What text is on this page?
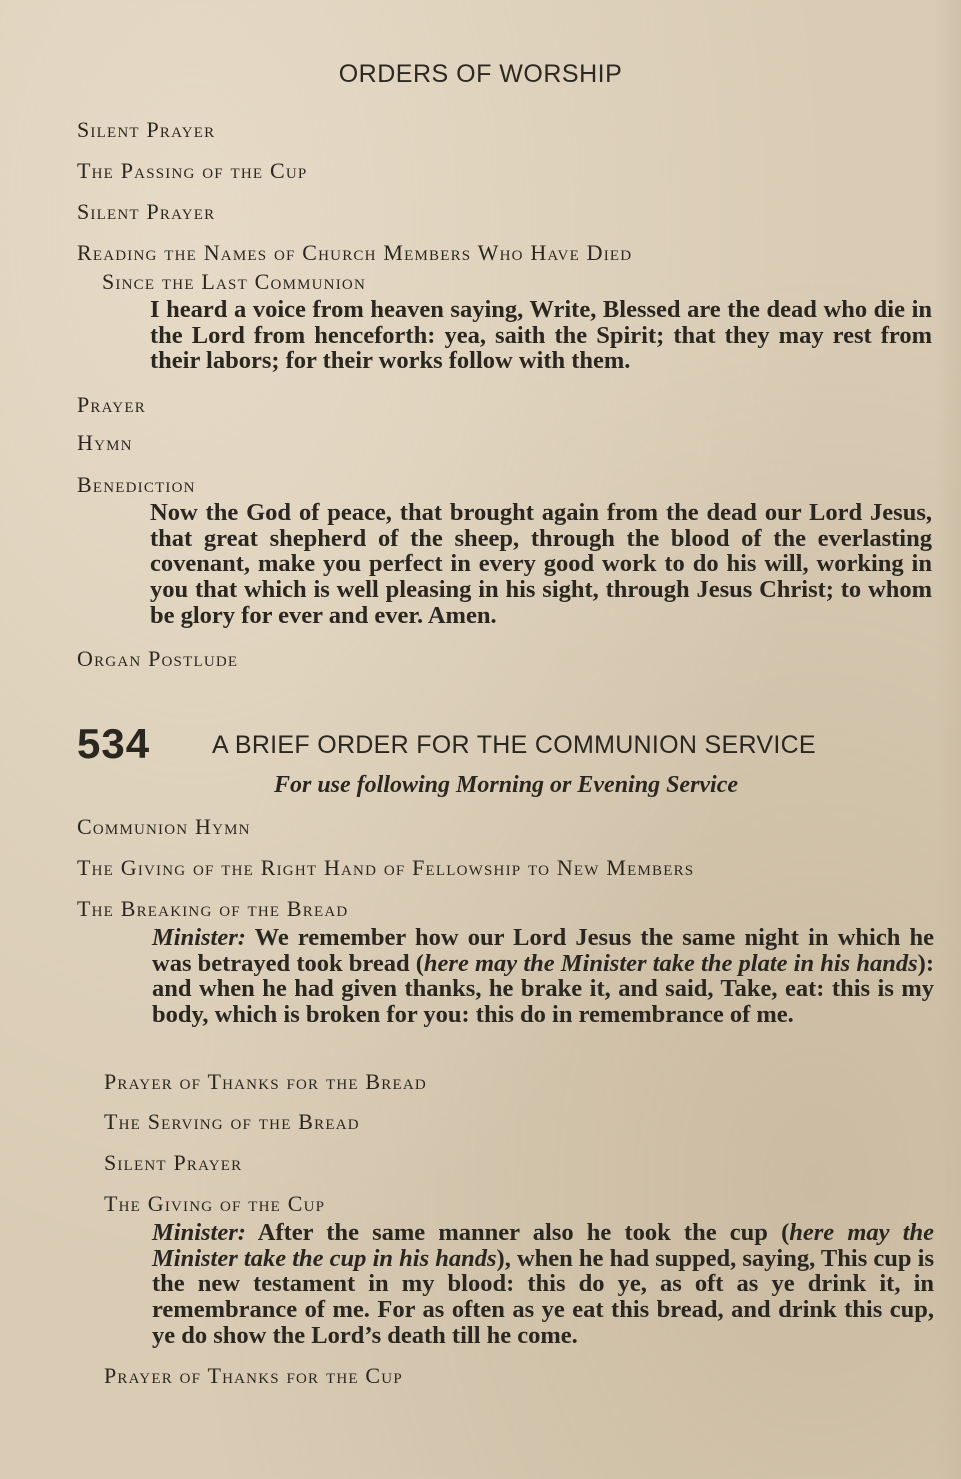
ORDERS OF WORSHIP
Silent Prayer
The Passing of the Cup
Silent Prayer
Reading the Names of Church Members Who Have Died
Since the Last Communion
I heard a voice from heaven saying, Write, Blessed are the dead who die in the Lord from henceforth: yea, saith the Spirit; that they may rest from their labors; for their works follow with them.
Prayer
Hymn
Benediction
Now the God of peace, that brought again from the dead our Lord Jesus, that great shepherd of the sheep, through the blood of the everlasting covenant, make you perfect in every good work to do his will, working in you that which is well pleasing in his sight, through Jesus Christ; to whom be glory for ever and ever. Amen.
Organ Postlude
534 A BRIEF ORDER FOR THE COMMUNION SERVICE
For use following Morning or Evening Service
Communion Hymn
The Giving of the Right Hand of Fellowship to New Members
The Breaking of the Bread
Minister: We remember how our Lord Jesus the same night in which he was betrayed took bread (here may the Minister take the plate in his hands): and when he had given thanks, he brake it, and said, Take, eat: this is my body, which is broken for you: this do in remembrance of me.
Prayer of Thanks for the Bread
The Serving of the Bread
Silent Prayer
The Giving of the Cup
Minister: After the same manner also he took the cup (here may the Minister take the cup in his hands), when he had supped, saying, This cup is the new testament in my blood: this do ye, as oft as ye drink it, in remembrance of me. For as often as ye eat this bread, and drink this cup, ye do show the Lord’s death till he come.
Prayer of Thanks for the Cup
